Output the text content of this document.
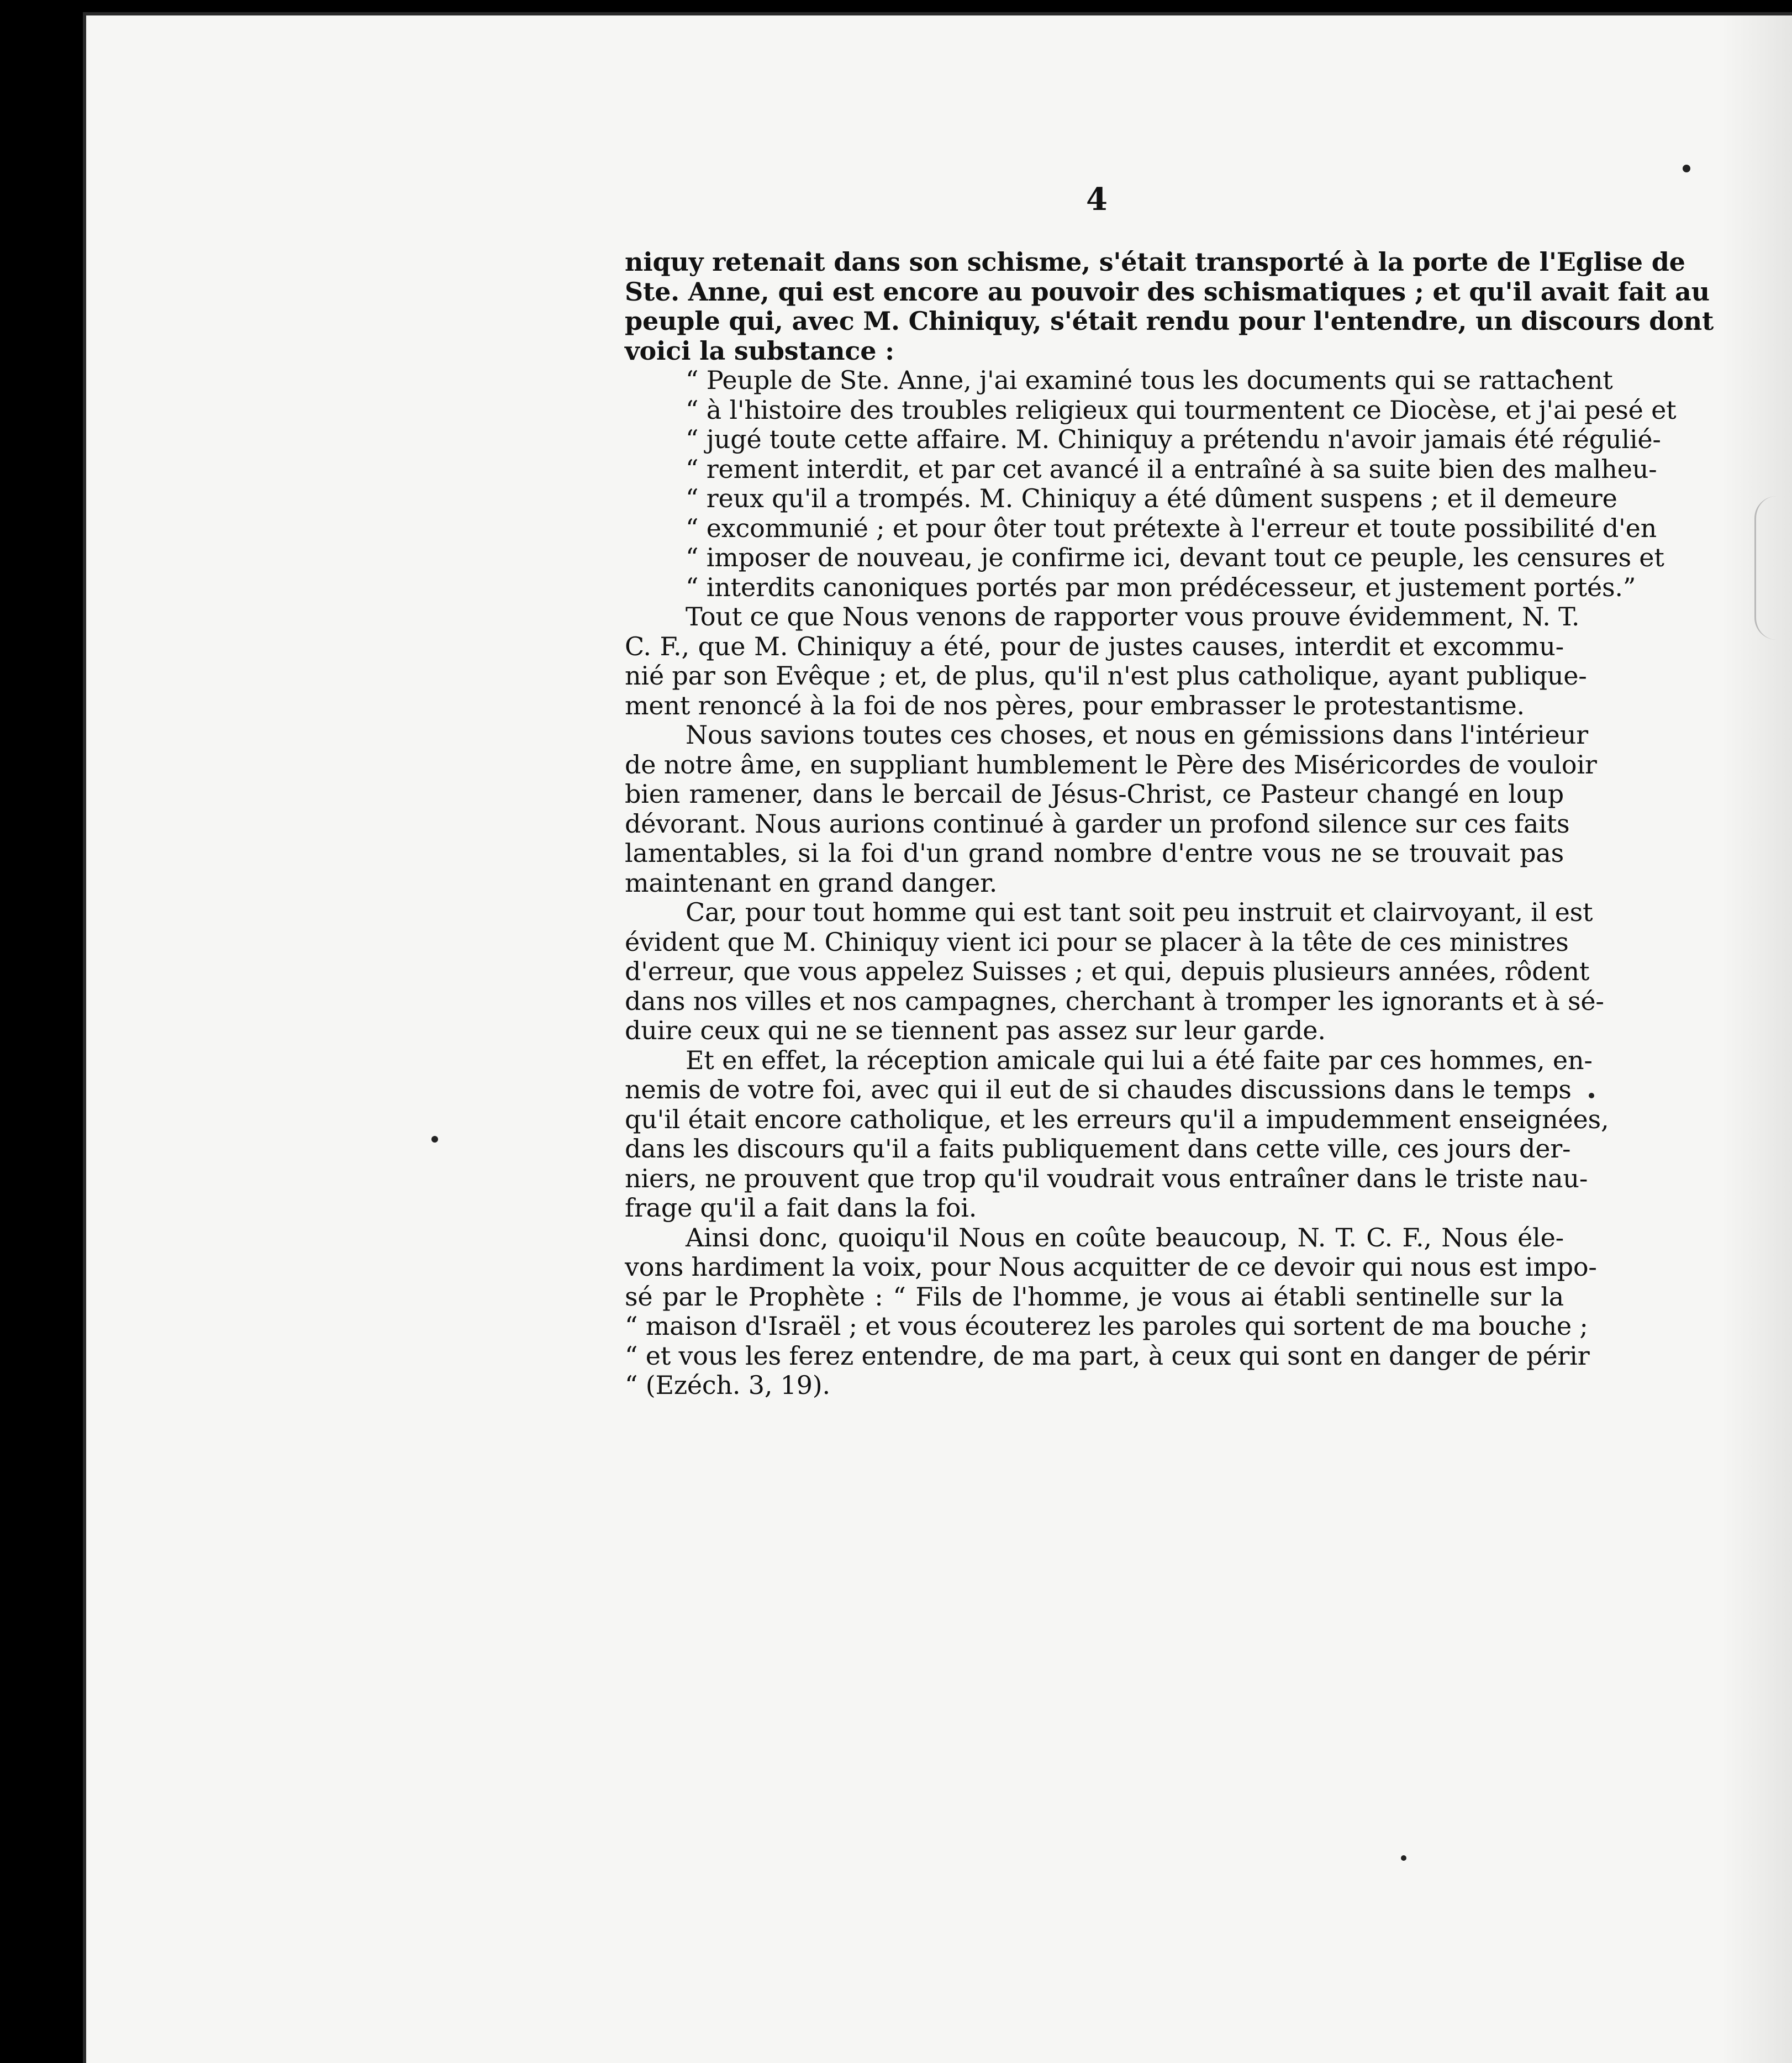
4
niquy retenait dans son schisme, s'était transporté à la porte de l'Eglise de
Ste. Anne, qui est encore au pouvoir des schismatiques ; et qu'il avait fait au
peuple qui, avec M. Chiniquy, s'était rendu pour l'entendre, un discours dont
voici la substance :
“ Peuple de Ste. Anne, j'ai examiné tous les documents qui se rattachent
“ à l'histoire des troubles religieux qui tourmentent ce Diocèse, et j'ai pesé et
“ jugé toute cette affaire. M. Chiniquy a prétendu n'avoir jamais été régulié-
“ rement interdit, et par cet avancé il a entraîné à sa suite bien des malheu-
“ reux qu'il a trompés. M. Chiniquy a été dûment suspens ; et il demeure
“ excommunié ; et pour ôter tout prétexte à l'erreur et toute possibilité d'en
“ imposer de nouveau, je confirme ici, devant tout ce peuple, les censures et
“ interdits canoniques portés par mon prédécesseur, et justement portés.”
Tout ce que Nous venons de rapporter vous prouve évidemment, N. T.
C. F., que M. Chiniquy a été, pour de justes causes, interdit et excommu-
nié par son Evêque ; et, de plus, qu'il n'est plus catholique, ayant publique-
ment renoncé à la foi de nos pères, pour embrasser le protestantisme.
Nous savions toutes ces choses, et nous en gémissions dans l'intérieur
de notre âme, en suppliant humblement le Père des Miséricordes de vouloir
bien ramener, dans le bercail de Jésus-Christ, ce Pasteur changé en loup
dévorant. Nous aurions continué à garder un profond silence sur ces faits
lamentables, si la foi d'un grand nombre d'entre vous ne se trouvait pas
maintenant en grand danger.
Car, pour tout homme qui est tant soit peu instruit et clairvoyant, il est
évident que M. Chiniquy vient ici pour se placer à la tête de ces ministres
d'erreur, que vous appelez Suisses ; et qui, depuis plusieurs années, rôdent
dans nos villes et nos campagnes, cherchant à tromper les ignorants et à sé-
duire ceux qui ne se tiennent pas assez sur leur garde.
Et en effet, la réception amicale qui lui a été faite par ces hommes, en-
nemis de votre foi, avec qui il eut de si chaudes discussions dans le temps
qu'il était encore catholique, et les erreurs qu'il a impudemment enseignées,
dans les discours qu'il a faits publiquement dans cette ville, ces jours der-
niers, ne prouvent que trop qu'il voudrait vous entraîner dans le triste nau-
frage qu'il a fait dans la foi.
Ainsi donc, quoiqu'il Nous en coûte beaucoup, N. T. C. F., Nous éle-
vons hardiment la voix, pour Nous acquitter de ce devoir qui nous est impo-
sé par le Prophète : “ Fils de l'homme, je vous ai établi sentinelle sur la
“ maison d'Israël ; et vous écouterez les paroles qui sortent de ma bouche ;
“ et vous les ferez entendre, de ma part, à ceux qui sont en danger de périr
“ (Ezéch. 3, 19).
